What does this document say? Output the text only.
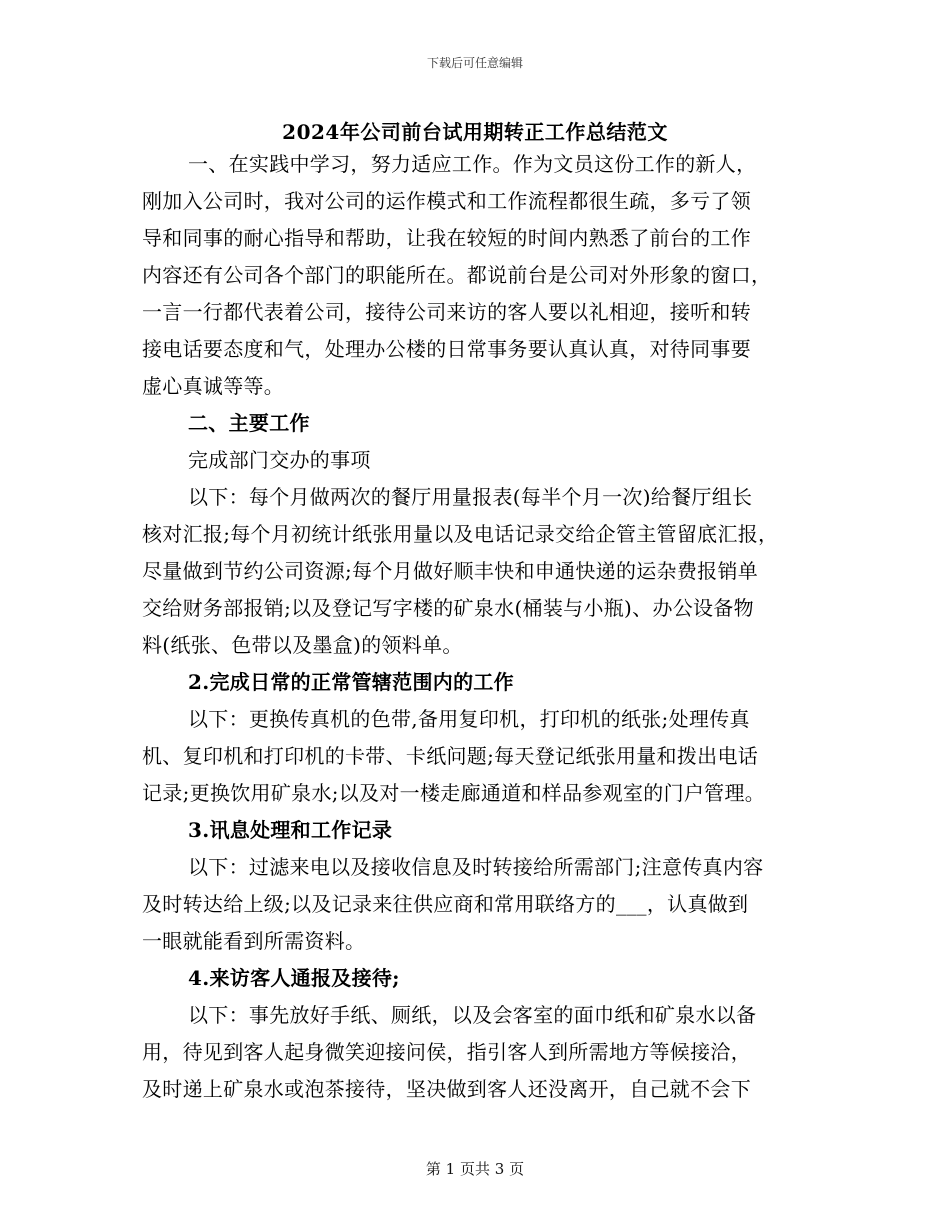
下载后可任意编辑
2024年公司前台试用期转正工作总结范文
一、在实践中学习，努力适应工作。作为文员这份工作的新人，
刚加入公司时，我对公司的运作模式和工作流程都很生疏，多亏了领
导和同事的耐心指导和帮助，让我在较短的时间内熟悉了前台的工作
内容还有公司各个部门的职能所在。都说前台是公司对外形象的窗口，
一言一行都代表着公司，接待公司来访的客人要以礼相迎，接听和转
接电话要态度和气，处理办公楼的日常事务要认真认真，对待同事要
虚心真诚等等。
二、主要工作
完成部门交办的事项
以下：每个月做两次的餐厅用量报表(每半个月一次)给餐厅组长
核对汇报;每个月初统计纸张用量以及电话记录交给企管主管留底汇报，
尽量做到节约公司资源;每个月做好顺丰快和申通快递的运杂费报销单
交给财务部报销;以及登记写字楼的矿泉水(桶装与小瓶)、办公设备物
料(纸张、色带以及墨盒)的领料单。
2.完成日常的正常管辖范围内的工作
以下：更换传真机的色带,备用复印机，打印机的纸张;处理传真
机、复印机和打印机的卡带、卡纸问题;每天登记纸张用量和拨出电话
记录;更换饮用矿泉水;以及对一楼走廊通道和样品参观室的门户管理。
3.讯息处理和工作记录
以下：过滤来电以及接收信息及时转接给所需部门;注意传真内容
及时转达给上级;以及记录来往供应商和常用联络方的___，认真做到
一眼就能看到所需资料。
4.来访客人通报及接待;
以下：事先放好手纸、厕纸，以及会客室的面巾纸和矿泉水以备
用，待见到客人起身微笑迎接问侯，指引客人到所需地方等候接洽，
及时递上矿泉水或泡茶接待，坚决做到客人还没离开，自己就不会下
第 1 页共 3 页
